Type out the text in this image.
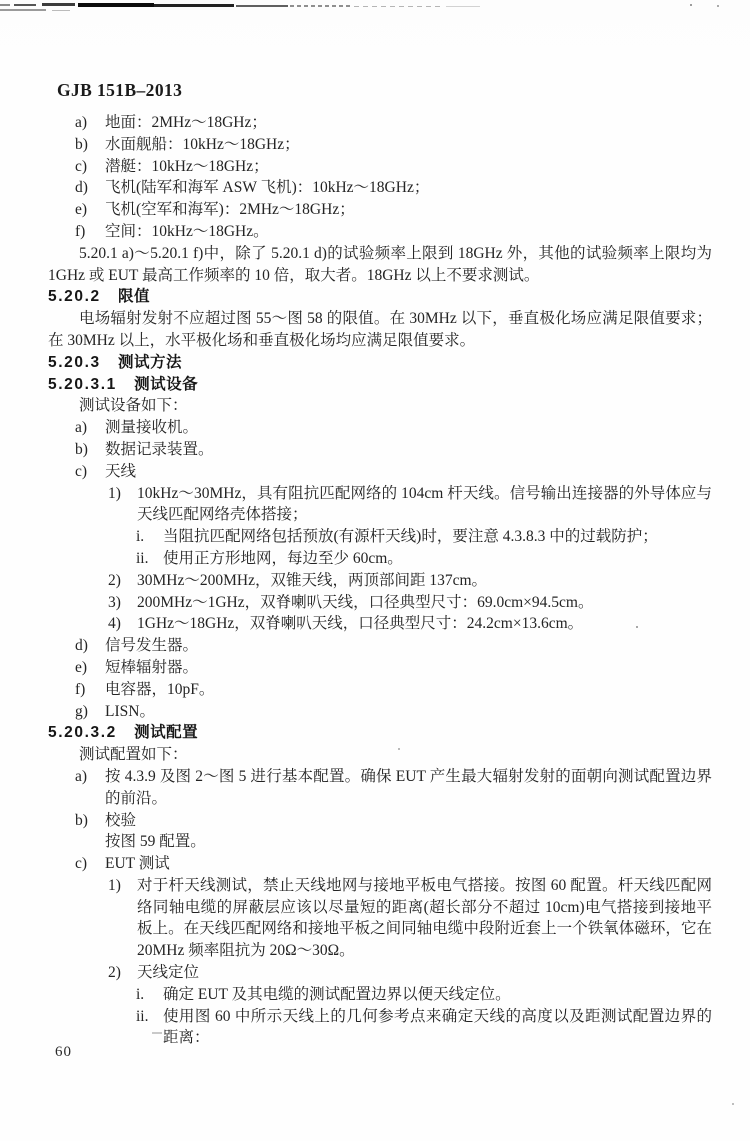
GJB 151B–2013
a)	地面：2MHz～18GHz；
b)	水面舰船：10kHz～18GHz；
c)	潜艇：10kHz～18GHz；
d)	飞机(陆军和海军 ASW 飞机)：10kHz～18GHz；
e)	飞机(空军和海军)：2MHz～18GHz；
f)	空间：10kHz～18GHz。

5.20.1 a)～5.20.1 f)中，除了 5.20.1 d)的试验频率上限到 18GHz 外，其他的试验频率上限均为 1GHz 或 EUT 最高工作频率的 10 倍，取大者。18GHz 以上不要求测试。

5.20.2 限值

电场辐射发射不应超过图 55～图 58 的限值。在 30MHz 以下，垂直极化场应满足限值要求；在 30MHz 以上，水平极化场和垂直极化场均应满足限值要求。

5.20.3 测试方法
5.20.3.1 测试设备

测试设备如下：

a)	测量接收机。
b)	数据记录装置。
c)	天线
1)	10kHz～30MHz，具有阻抗匹配网络的 104cm 杆天线。信号输出连接器的外导体应与天线匹配网络壳体搭接；
i.	当阻抗匹配网络包括预放(有源杆天线)时，要注意 4.3.8.3 中的过载防护；
ii. 使用正方形地网，每边至少 60cm。
2)	30MHz～200MHz，双锥天线，两顶部间距 137cm。
3)	200MHz～1GHz，双脊喇叭天线，口径典型尺寸：69.0cm×94.5cm。
4)	1GHz～18GHz，双脊喇叭天线，口径典型尺寸：24.2cm×13.6cm。
d)	信号发生器。
e)	短棒辐射器。
f)	电容器，10pF。
g)	LISN。
5.20.3.2 测试配置

测试配置如下：

a)	按 4.3.9 及图 2～图 5 进行基本配置。确保 EUT 产生最大辐射发射的面朝向测试配置边界的前沿。
b)	校验
按图 59 配置。
c)	EUT 测试
1)	对于杆天线测试，禁止天线地网与接地平板电气搭接。按图 60 配置。杆天线匹配网络同轴电缆的屏蔽层应该以尽量短的距离(超长部分不超过 10cm)电气搭接到接地平板上。在天线匹配网络和接地平板之间同轴电缆中段附近套上一个铁氧体磁环，它在 20MHz 频率阻抗为 20Ω～30Ω。
2)	天线定位
i.	确定 EUT 及其电缆的测试配置边界以便天线定位。
ii. 使用图 60 中所示天线上的几何参考点来确定天线的高度以及距测试配置边界的距离：
60
